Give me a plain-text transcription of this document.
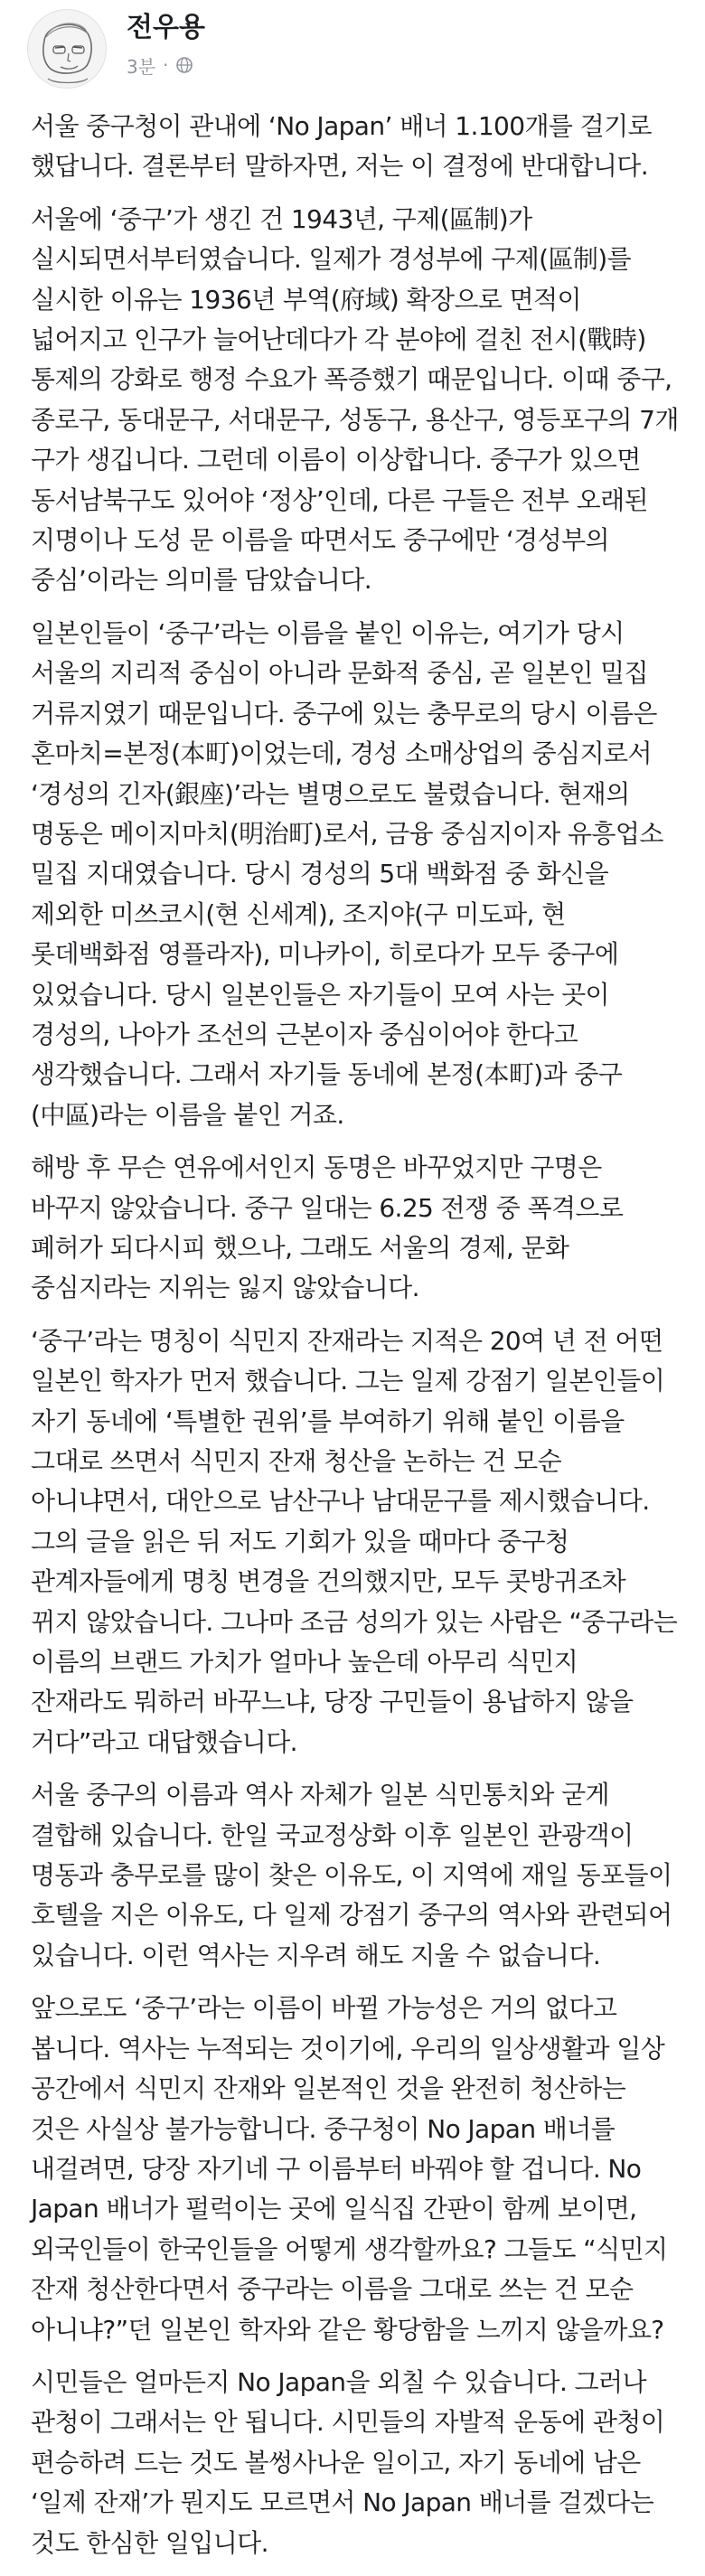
전우용
3분 ·

서울 중구청이 관내에 ‘No Japan’ 배너 1.100개를 걸기로 했답니다. 결론부터 말하자면, 저는 이 결정에 반대합니다.

서울에 ‘중구’가 생긴 건 1943년, 구제(區制)가 실시되면서부터였습니다. 일제가 경성부에 구제(區制)를 실시한 이유는 1936년 부역(府域) 확장으로 면적이 넓어지고 인구가 늘어난데다가 각 분야에 걸친 전시(戰時) 통제의 강화로 행정 수요가 폭증했기 때문입니다. 이때 중구, 종로구, 동대문구, 서대문구, 성동구, 용산구, 영등포구의 7개 구가 생깁니다. 그런데 이름이 이상합니다. 중구가 있으면 동서남북구도 있어야 ‘정상’인데, 다른 구들은 전부 오래된 지명이나 도성 문 이름을 따면서도 중구에만 ‘경성부의 중심’이라는 의미를 담았습니다.

일본인들이 ‘중구’라는 이름을 붙인 이유는, 여기가 당시 서울의 지리적 중심이 아니라 문화적 중심, 곧 일본인 밀집 거류지였기 때문입니다. 중구에 있는 충무로의 당시 이름은 혼마치=본정(本町)이었는데, 경성 소매상업의 중심지로서 ‘경성의 긴자(銀座)’라는 별명으로도 불렸습니다. 현재의 명동은 메이지마치(明治町)로서, 금융 중심지이자 유흥업소 밀집 지대였습니다. 당시 경성의 5대 백화점 중 화신을 제외한 미쓰코시(현 신세계), 조지야(구 미도파, 현 롯데백화점 영플라자), 미나카이, 히로다가 모두 중구에 있었습니다. 당시 일본인들은 자기들이 모여 사는 곳이 경성의, 나아가 조선의 근본이자 중심이어야 한다고 생각했습니다. 그래서 자기들 동네에 본정(本町)과 중구(中區)라는 이름을 붙인 거죠.

해방 후 무슨 연유에서인지 동명은 바꾸었지만 구명은 바꾸지 않았습니다. 중구 일대는 6.25 전쟁 중 폭격으로 폐허가 되다시피 했으나, 그래도 서울의 경제, 문화 중심지라는 지위는 잃지 않았습니다.

‘중구’라는 명칭이 식민지 잔재라는 지적은 20여 년 전 어떤 일본인 학자가 먼저 했습니다. 그는 일제 강점기 일본인들이 자기 동네에 ‘특별한 권위’를 부여하기 위해 붙인 이름을 그대로 쓰면서 식민지 잔재 청산을 논하는 건 모순 아니냐면서, 대안으로 남산구나 남대문구를 제시했습니다. 그의 글을 읽은 뒤 저도 기회가 있을 때마다 중구청 관계자들에게 명칭 변경을 건의했지만, 모두 콧방귀조차 뀌지 않았습니다. 그나마 조금 성의가 있는 사람은 “중구라는 이름의 브랜드 가치가 얼마나 높은데 아무리 식민지 잔재라도 뭐하러 바꾸느냐, 당장 구민들이 용납하지 않을 거다”라고 대답했습니다.

서울 중구의 이름과 역사 자체가 일본 식민통치와 굳게 결합해 있습니다. 한일 국교정상화 이후 일본인 관광객이 명동과 충무로를 많이 찾은 이유도, 이 지역에 재일 동포들이 호텔을 지은 이유도, 다 일제 강점기 중구의 역사와 관련되어 있습니다. 이런 역사는 지우려 해도 지울 수 없습니다.

앞으로도 ‘중구’라는 이름이 바뀔 가능성은 거의 없다고 봅니다. 역사는 누적되는 것이기에, 우리의 일상생활과 일상 공간에서 식민지 잔재와 일본적인 것을 완전히 청산하는 것은 사실상 불가능합니다. 중구청이 No Japan 배너를 내걸려면, 당장 자기네 구 이름부터 바꿔야 할 겁니다. No Japan 배너가 펄럭이는 곳에 일식집 간판이 함께 보이면, 외국인들이 한국인들을 어떻게 생각할까요? 그들도 “식민지 잔재 청산한다면서 중구라는 이름을 그대로 쓰는 건 모순 아니냐?”던 일본인 학자와 같은 황당함을 느끼지 않을까요?

시민들은 얼마든지 No Japan을 외칠 수 있습니다. 그러나 관청이 그래서는 안 됩니다. 시민들의 자발적 운동에 관청이 편승하려 드는 것도 볼썽사나운 일이고, 자기 동네에 남은 ‘일제 잔재’가 뭔지도 모르면서 No Japan 배너를 걸겠다는 것도 한심한 일입니다.
